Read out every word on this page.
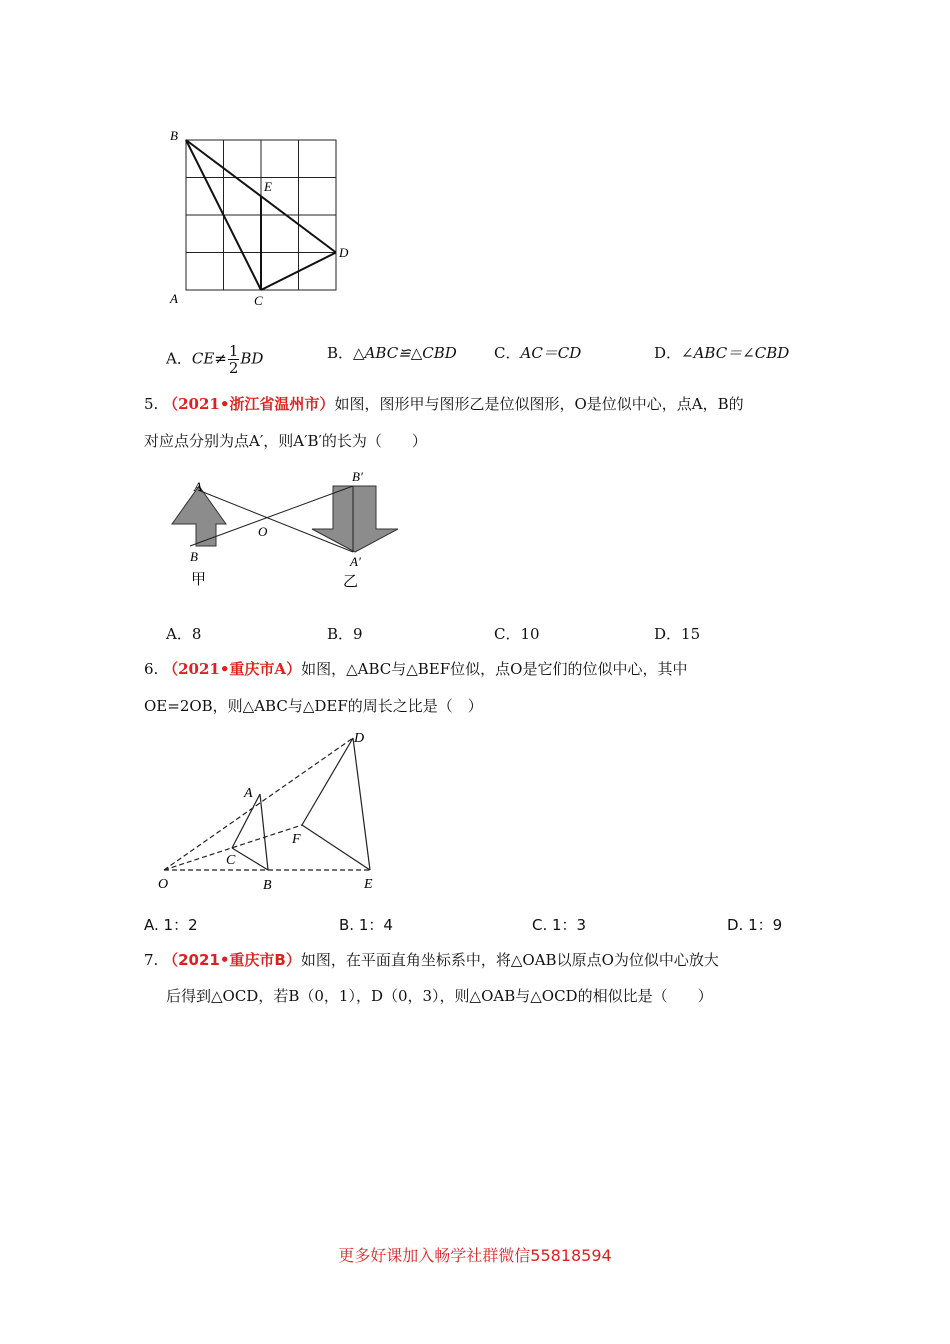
B
E
D
A	C
A．$CE\ne \frac{1}{2}$ BD	B．△ABC≌△CBD C．AC＝CD	D．∠ABC＝∠CBD
5. （2021•浙江省温州市）如图，图形甲与图形乙是位似图形，O是位似中心，点A，B的
对应点分别为点A′，则A′B′的长为（　　）
A
B
O
B′
A′
甲	乙
A．8	B．9	C．10	D．15
6. （2021•重庆市A）如图，△ABC与△BEF位似，点O是它们的位似中心，其中
OE=2OB，则△ABC与△DEF的周长之比是（　）
D
A
F
C
O	B	E
A. 1：2	B. 1：4	C. 1：3	D. 1：9
7. （2021•重庆市B）如图，在平面直角坐标系中，将△OAB以原点O为位似中心放大
后得到△OCD，若B（0，1），D（0，3），则△OAB与△OCD的相似比是（　　）
更多好课加入畅学社群微信55818594
